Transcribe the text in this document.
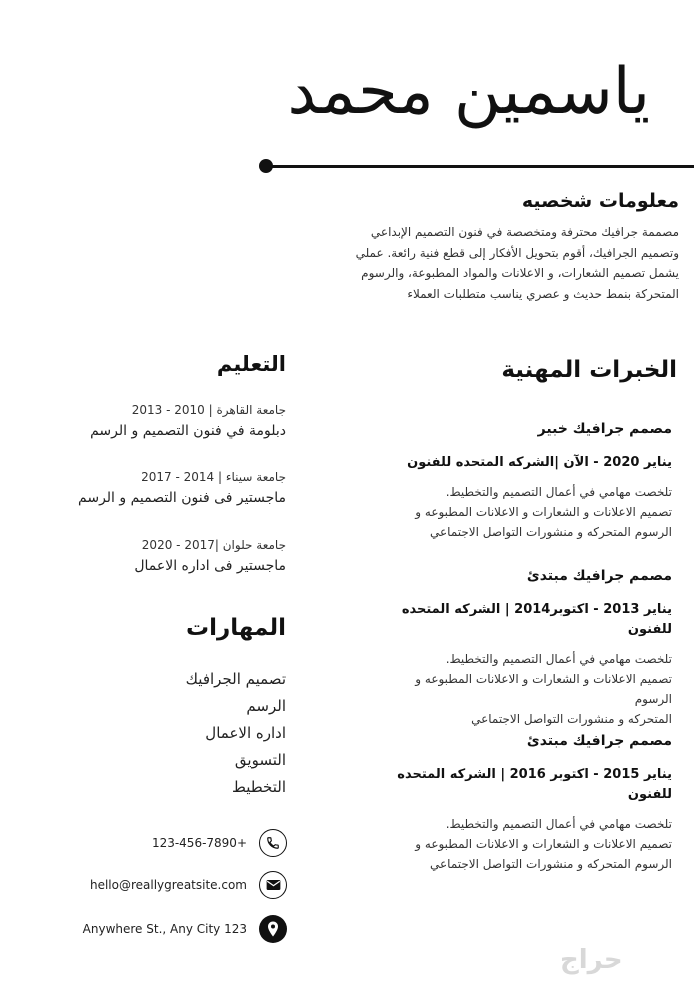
ياسمين محمد
معلومات شخصيه
مصممة جرافيك محترفة ومتخصصة في فنون التصميم الإبداعي
وتصميم الجرافيك، أقوم بتحويل الأفكار إلى قطع فنية رائعة. عملي
يشمل تصميم الشعارات، و الاعلانات والمواد المطبوعة، والرسوم
المتحركة بنمط حديث و عصري يناسب متطلبات العملاء
الخبرات المهنية
مصمم جرافيك خبير
يناير 2020 - الآن |الشركه المتحده للفنون
تلخصت مهامي في أعمال التصميم والتخطيط.
تصميم الاعلانات و الشعارات و الاعلانات المطبوعه و
الرسوم المتحركه و منشورات التواصل الاجتماعي
مصمم جرافيك مبتدئ
يناير 2013 - اكتوبر2014 | الشركه المتحده للفنون
تلخصت مهامي في أعمال التصميم والتخطيط.
تصميم الاعلانات و الشعارات و الاعلانات المطبوعه و الرسوم
المتحركه و منشورات التواصل الاجتماعي
مصمم جرافيك مبتدئ
يناير 2015 - اكتوبر 2016 | الشركه المتحده للفنون
تلخصت مهامي في أعمال التصميم والتخطيط.
تصميم الاعلانات و الشعارات و الاعلانات المطبوعه و
الرسوم المتحركه و منشورات التواصل الاجتماعي
التعليم
جامعة القاهرة | 2010 - 2013
دبلومة في فنون التصميم و الرسم
جامعة سيناء | 2014 - 2017
ماجستير فى فنون التصميم و الرسم
جامعة حلوان |2017 - 2020
ماجستير فى اداره الاعمال
المهارات
تصميم الجرافيك
الرسم
اداره الاعمال
التسويق
التخطيط
123-456-7890+
hello@reallygreatsite.com
Anywhere St., Any City 123
حراج
